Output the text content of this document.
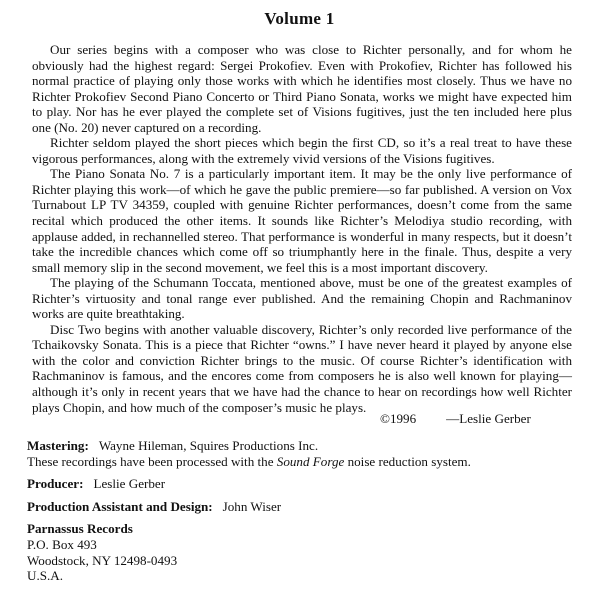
Volume 1

Our series begins with a composer who was close to Richter personally, and for whom he obviously had the highest regard: Sergei Prokofiev. Even with Prokofiev, Richter has followed his normal practice of playing only those works with which he identifies most closely. Thus we have no Richter Prokofiev Second Piano Concerto or Third Piano Sonata, works we might have expected him to play. Nor has he ever played the complete set of Visions fugitives, just the ten included here plus one (No. 20) never captured on a recording.

Richter seldom played the short pieces which begin the first CD, so it’s a real treat to have these vigorous performances, along with the extremely vivid versions of the Visions fugitives.

The Piano Sonata No. 7 is a particularly important item. It may be the only live performance of Richter playing this work—of which he gave the public premiere—so far published. A version on Vox Turnabout LP TV 34359, coupled with genuine Richter performances, doesn’t come from the same recital which produced the other items. It sounds like Richter’s Melodiya studio recording, with applause added, in rechannelled stereo. That performance is wonderful in many respects, but it doesn’t take the incredible chances which come off so triumphantly here in the finale. Thus, despite a very small memory slip in the second movement, we feel this is a most important discovery.

The playing of the Schumann Toccata, mentioned above, must be one of the greatest examples of Richter’s virtuosity and tonal range ever published. And the remaining Chopin and Rachmaninov works are quite breathtaking.

Disc Two begins with another valuable discovery, Richter’s only recorded live performance of the Tchaikovsky Sonata. This is a piece that Richter “owns.” I have never heard it played by anyone else with the color and conviction Richter brings to the music. Of course Richter’s identification with Rachmaninov is famous, and the encores come from composers he is also well known for playing—although it’s only in recent years that we have had the chance to hear on recordings how well Richter plays Chopin, and how much of the composer’s music he plays.

©1996 —Leslie Gerber
Mastering: Wayne Hileman, Squires Productions Inc.
These recordings have been processed with the Sound Forge noise reduction system.
Producer: Leslie Gerber
Production Assistant and Design: John Wiser
Parnassus Records
P.O. Box 493
Woodstock, NY 12498-0493
U.S.A.
